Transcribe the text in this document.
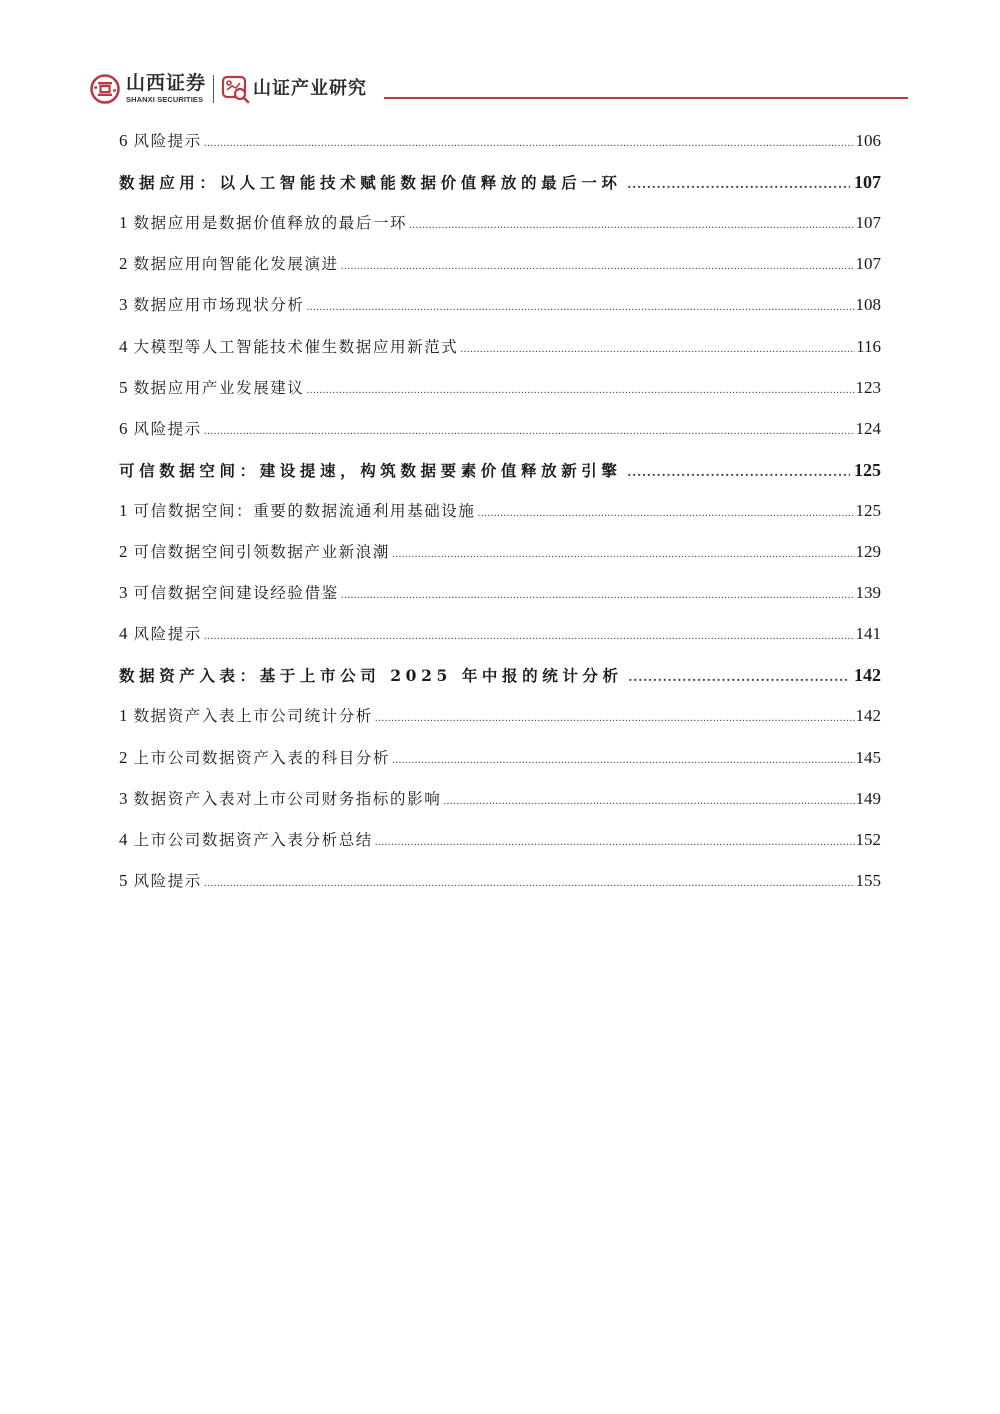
山西证券
SHANXI SECURITIES
山证产业研究
6 风险提示 .....	106
数据应用：以人工智能技术赋能数据价值释放的最后一环 .....	107
1 数据应用是数据价值释放的最后一环 .....	107
2 数据应用向智能化发展演进 .....	107
3 数据应用市场现状分析 .....	108
4 大模型等人工智能技术催生数据应用新范式 .....	116
5 数据应用产业发展建议 .....	123
6 风险提示 .....	124
可信数据空间：建设提速，构筑数据要素价值释放新引擎 .....	125
1 可信数据空间：重要的数据流通利用基础设施 .....	125
2 可信数据空间引领数据产业新浪潮 .....	129
3 可信数据空间建设经验借鉴 .....	139
4 风险提示 .....	141
数据资产入表：基于上市公司 2025 年中报的统计分析 .....	142
1 数据资产入表上市公司统计分析 .....	142
2 上市公司数据资产入表的科目分析 .....	145
3 数据资产入表对上市公司财务指标的影响 .....	149
4 上市公司数据资产入表分析总结 .....	152
5 风险提示 .....	155
